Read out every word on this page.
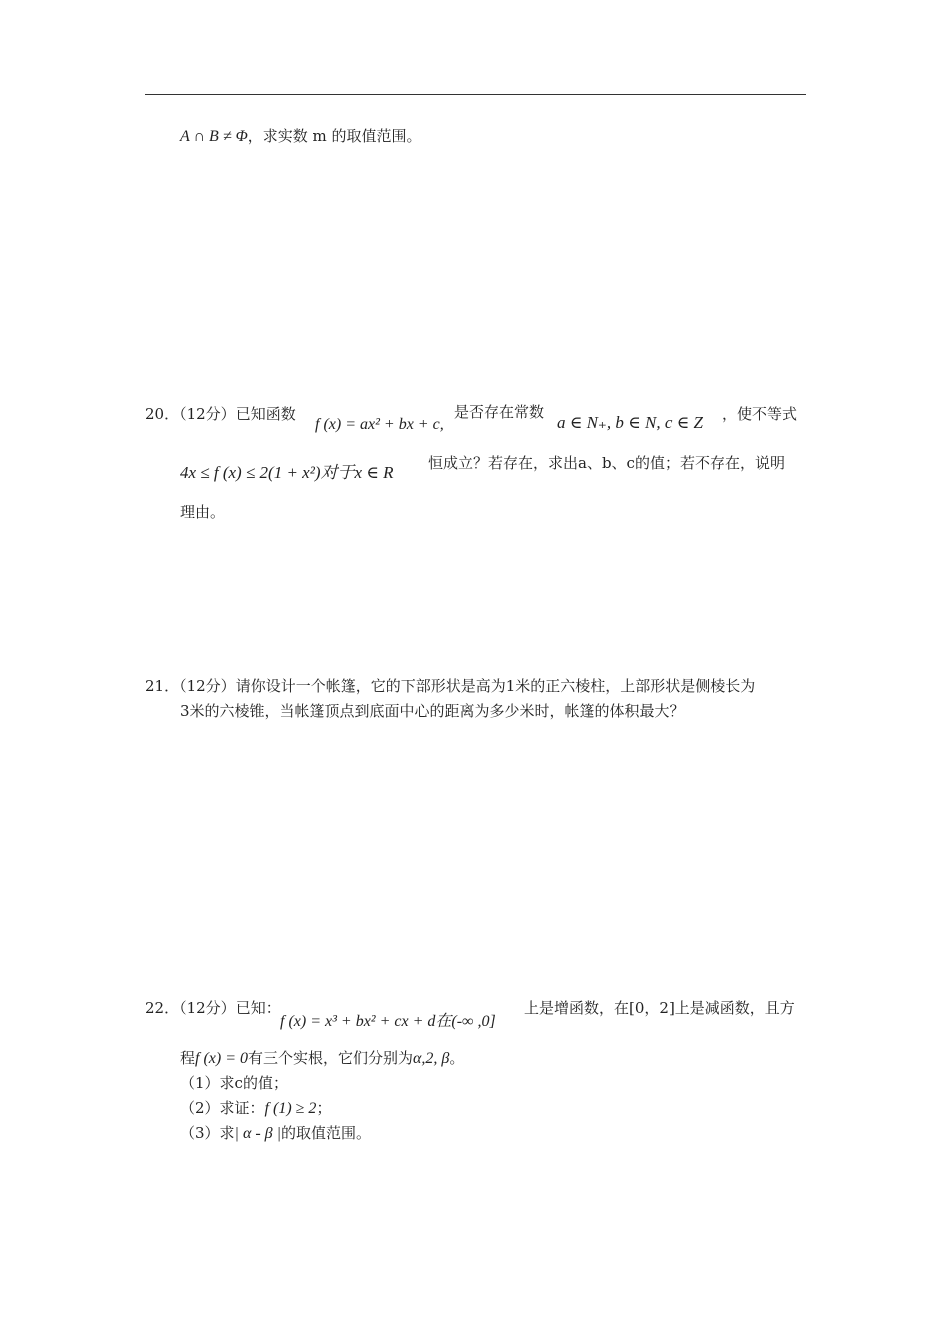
A ∩ B ≠ Φ，求实数 m 的取值范围。
20．（12分）已知函数
f (x) = ax² + bx + c,
是否存在常数
a ∈ N₊, b ∈ N, c ∈ Z ，使不等式
4x ≤ f (x) ≤ 2(1 + x²)对于x ∈ R 恒成立？若存在，求出a、b、c的值；若不存在，说明
理由。
21．（12分）请你设计一个帐篷，它的下部形状是高为1米的正六棱柱，上部形状是侧棱长为
3米的六棱锥，当帐篷顶点到底面中心的距离为多少米时，帐篷的体积最大？
22．（12分）已知：
f (x) = x³ + bx² + cx + d在(-∞ ,0]
上是增函数，在[0，2]上是减函数，且方
程f (x) = 0有三个实根，它们分别为α,2, β。
（1）求c的值；
（2）求证：f (1) ≥ 2；
（3）求| α - β |的取值范围。
